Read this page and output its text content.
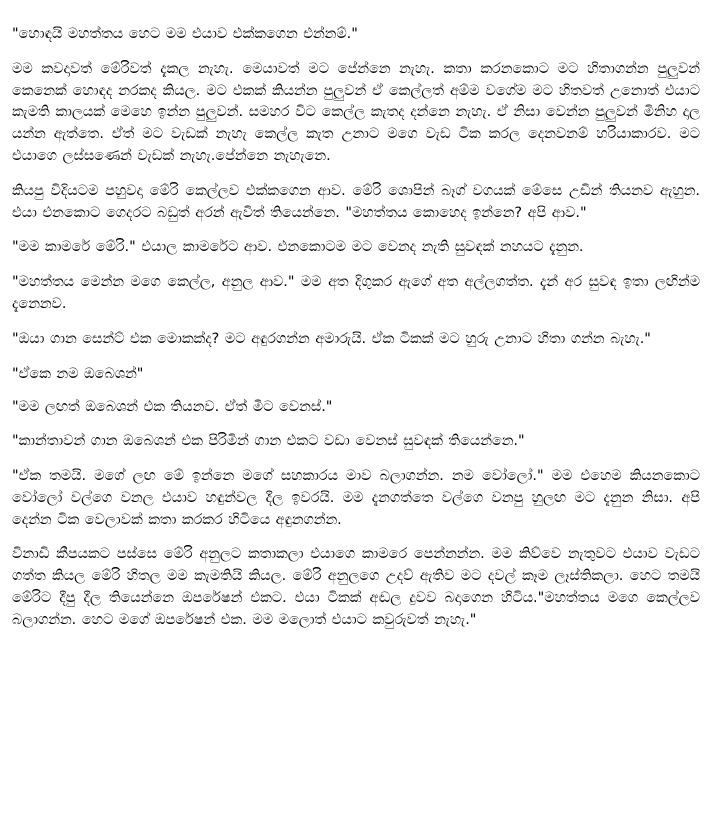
"හොඳයි මහත්තය හෙට මම එයාව එක්කගෙන එන්නම්."

මම කවදාවත් මේරිවත් දැකල නැහැ. මෙයාවත් මට පේන්නෙ නැහැ. කතා කරනකොට මට හිතාගන්න පුලුවන් කෙනෙක් හොඳද නරකද කියල. මට එකක් කියන්න පුලුවන් ඒ කෙල්ලත් අම්ම වගේම මට හිතවත් උනොත් එයාට කැමති කාලයක් මෙහෙ ඉන්න පුලුවන්. සමහර විට කෙල්ල කැතද දන්නෙ නැහැ. ඒ නිසා වෙන්න පුලුවන් මිනිහ දාල යන්න ඇත්තෙ. ඒත් මට වැඩක් නැහැ කෙල්ල කැත උනාට මගෙ වැඩ ටික කරල දෙනවනම් හරියාකාරව. මට එයාගෙ ලස්සණෙන් වැඩක් නැහැ.පේන්නෙ නැහැනෙ.

කියපු විදියටම පහුවදා මේරි කෙල්ලව එක්කගෙන ආව. මේරි ශොපින් බෑග් වගයක් මේසෙ උඩින් තියනව ඇහුන. එයා එනකොට ගෙදරට බඩුත් අරන් ඇවිත් තියෙන්නෙ. "මහත්තය කොහෙද ඉන්නෙ? අපි ආව."

"මම කාමරේ මේරි." එයාල කාමරේට ආව. එනකොටම මට වෙනද නැති සුවඳක් නහයට දැනුන.

"මහත්තය මෙන්න මගෙ කෙල්ල, අනුල ආව." මම අත දිගුකර ඇගේ අත අල්ලගත්ත. දැන් අර සුවඳ ඉතා ලඟින්ම දැනෙනව.

"ඔයා ගාන සෙන්ට් එක මොකක්ද? මට අඳුරගන්න අමාරුයි. ඒක ටිකක් මට හුරු උනාට හිතා ගන්න බැහැ."

"ඒකෙ නම ඔබෙශන්"

"මම ලඟත් ඔබෙශන් එක තියනව. ඒත් මීට වෙනස්."

"කාන්තාවන් ගාන ඔබෙශන් එක පිරිමින් ගාන එකට වඩා වෙනස් සුවඳක් තියෙන්නෙ."

"ඒක තමයි. මගේ ලඟ මේ ඉන්නෙ මගේ සහකාරය මාව බලාගන්න. නම වෝලෝ." මම එහෙම කියනකොට වෝලෝ වල්ගෙ වනල එයාව හඳුන්වල දීල ඉවරයි. මම දැනගත්තෙ වල්ගෙ වනපු හුලඟ මට දැනුන නිසා. අපි දෙන්න ටික වෙලාවක් කතා කරකර හිටියෙ අඳුනගන්න.

විනාඩි කීපයකට පස්සෙ මේරි අනුලට කතාකලා එයාගෙ කාමරෙ පෙන්නන්න. මම කිව්වෙ නැතුවට එයාව වැඩට ගත්ත කියල මේරි හිතල මම කැමතියි කියල. මේරි අනුලගෙ උදව් ඇතිව මට දවල් කෑම ලෑස්තිකලා. හෙට තමයි මේරිට දීපු දීල තියෙන්නෙ ඔපරේෂන් එකට. එයා ටිකක් අඬල දුවව බදාගෙන හිටිය."මහත්තය මගෙ කෙල්ලව බලාගන්න. හෙට මගේ ඔපරේෂන් එක. මම මලොත් එයාට කවුරුවත් නැහැ."
